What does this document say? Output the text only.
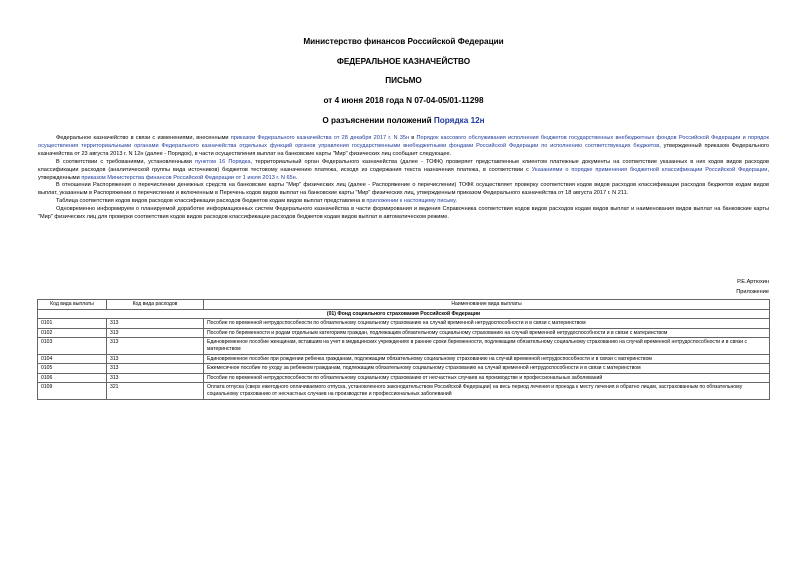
Министерство финансов Российской Федерации
ФЕДЕРАЛЬНОЕ КАЗНАЧЕЙСТВО
ПИСЬМО
от 4 июня 2018 года N 07-04-05/01-11298
О разъяснении положений Порядка 12н

Федеральное казначейство в связи с изменениями, внесенными приказом Федерального казначейства от 28 декабря 2017 г. N 35н в Порядок кассового обслуживания исполнения бюджетов государственных внебюджетных фондов Российской Федерации и порядок осуществления территориальными органами Федерального казначейства отдельных функций органов управления государственными внебюджетными фондами Российской Федерации по исполнению соответствующих бюджетов, утвержденный приказом Федерального казначейства от 23 августа 2013 г. N 12н (далее - Порядок), в части осуществления выплат на банковские карты "Мир" физических лиц сообщает следующее.

В соответствии с требованиями, установленными пунктом 16 Порядка, территориальный орган Федерального казначейства (далее - ТОФК) проверяет представленные клиентом платежные документы на соответствие указанных в них кодов видов расходов классификации расходов (аналитической группы вида источников) бюджетов тестовому назначению платежа, исходя из содержания текста назначения платежа, в соответствии с Указаниями о порядке применения бюджетной классификации Российской Федерации, утвержденными приказом Министерства финансов Российской Федерации от 1 июля 2013 г. N 65н.

В отношении Распоряжения о перечислении денежных средств на банковские карты "Мир" физических лиц (далее - Распоряжение о перечислении) ТОФК осуществляет проверку соответствия кодов видов расходов классификации расходов бюджетов кодам видов выплат, указанным в Распоряжении о перечислении и включенным в Перечень кодов видов выплат на банковские карты "Мир" физических лиц, утвержденным приказом Федерального казначейства от 18 августа 2017 г. N 211.

Таблица соответствия кодов видов расходов классификации расходов бюджетов кодам видов выплат представлена в приложении к настоящему письму.

Одновременно информируем о планируемой доработке информационных систем Федерального казначейства в части формирования и ведения Справочника соответствия кодов видов расходов кодам видов выплат и наименования видов выплат на банковские карты "Мир" физических лиц для проверки соответствия кодов видов расходов классификации расходов бюджетов кодам видов выплат в автоматическом режиме.

Р.Е.Артюхин
Приложение
Код вида выплаты	Код вида расходов	Наименование вида выплаты
(01) Фонд социального страхования Российской Федерации		
0101	313	Пособие по временной нетрудоспособности по обязательному социальному страхованию на случай временной нетрудоспособности и в связи с материнством
0102	313	Пособие по беременности и родам отдельным категориям граждан, подлежащим обязательному социальному страхованию на случай временной нетрудоспособности и в связи с материнством
0103	313	Единовременное пособие женщинам, вставшим на учет в медицинских учреждениях в ранние сроки беременности, подлежащим обязательному социальному страхованию на случай временной нетрудоспособности и в связи с материнством
0104	313	Единовременное пособие при рождении ребенка гражданам, подлежащим обязательному социальному страхованию на случай временной нетрудоспособности и в связи с материнством
0105	313	Ежемесячное пособие по уходу за ребенком гражданам, подлежащим обязательному социальному страхованию на случай временной нетрудоспособности и в связи с материнством
0106	313	Пособие по временной нетрудоспособности по обязательному социальному страхованию от несчастных случаев на производстве и профессиональных заболеваний
0109	321	Оплата отпуска (сверх ежегодного оплачиваемого отпуска, установленного законодательством Российской Федерации) на весь период лечения и проезда к месту лечения и обратно лицам, застрахованным по обязательному социальному страхованию от несчастных случаев на производстве и профессиональных заболеваний
